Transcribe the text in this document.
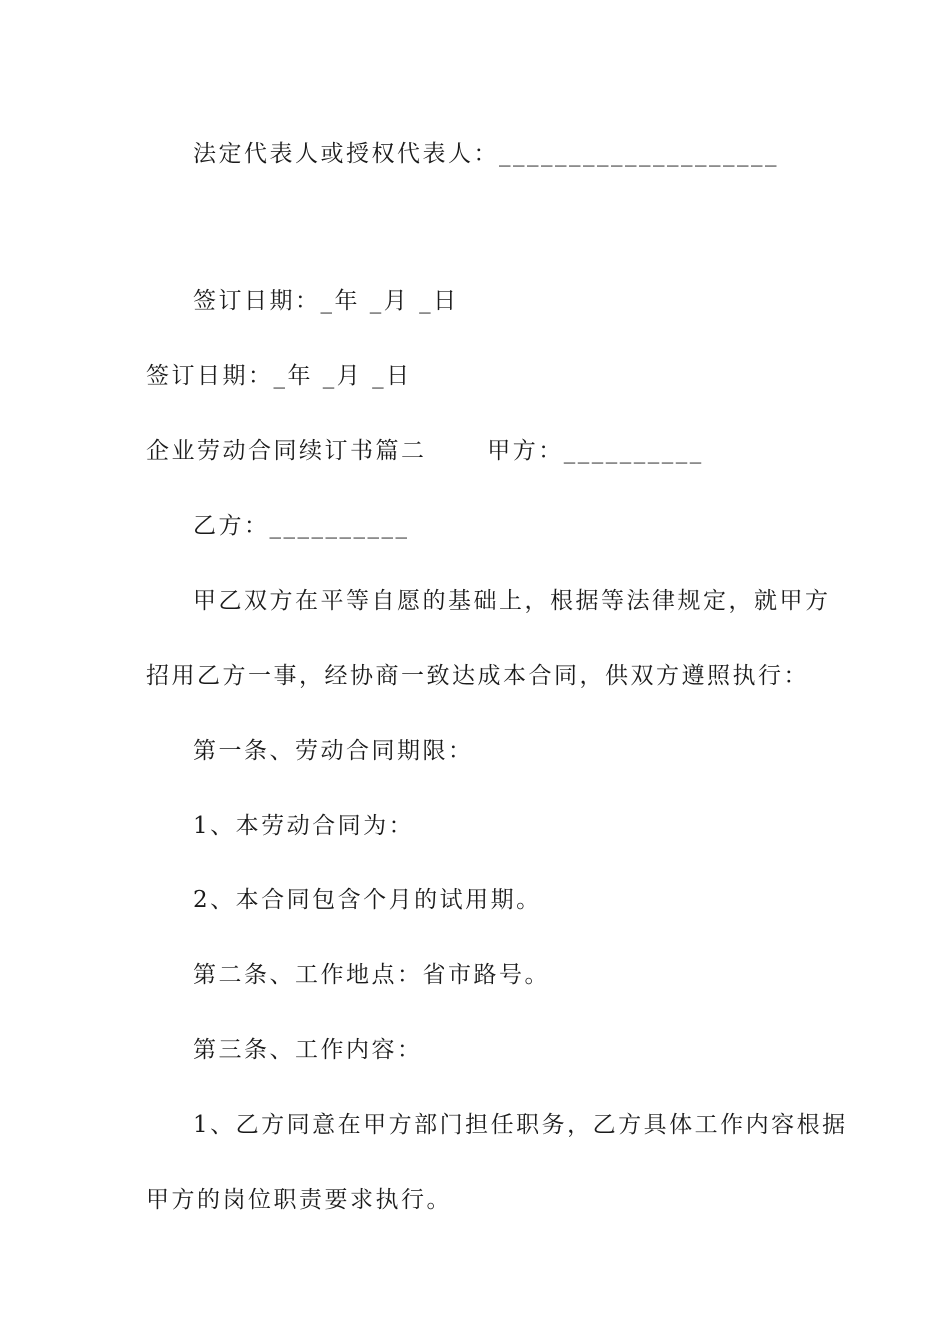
法定代表人或授权代表人：____________________
签订日期：_年 _月 _日
签订日期：_年 _月 _日
企业劳动合同续订书篇二　　 甲方：__________
乙方：__________
甲乙双方在平等自愿的基础上，根据等法律规定，就甲方
招用乙方一事，经协商一致达成本合同，供双方遵照执行：
第一条、劳动合同期限：
1、本劳动合同为：
2、本合同包含个月的试用期。
第二条、工作地点：省市路号。
第三条、工作内容：
1、乙方同意在甲方部门担任职务，乙方具体工作内容根据
甲方的岗位职责要求执行。
